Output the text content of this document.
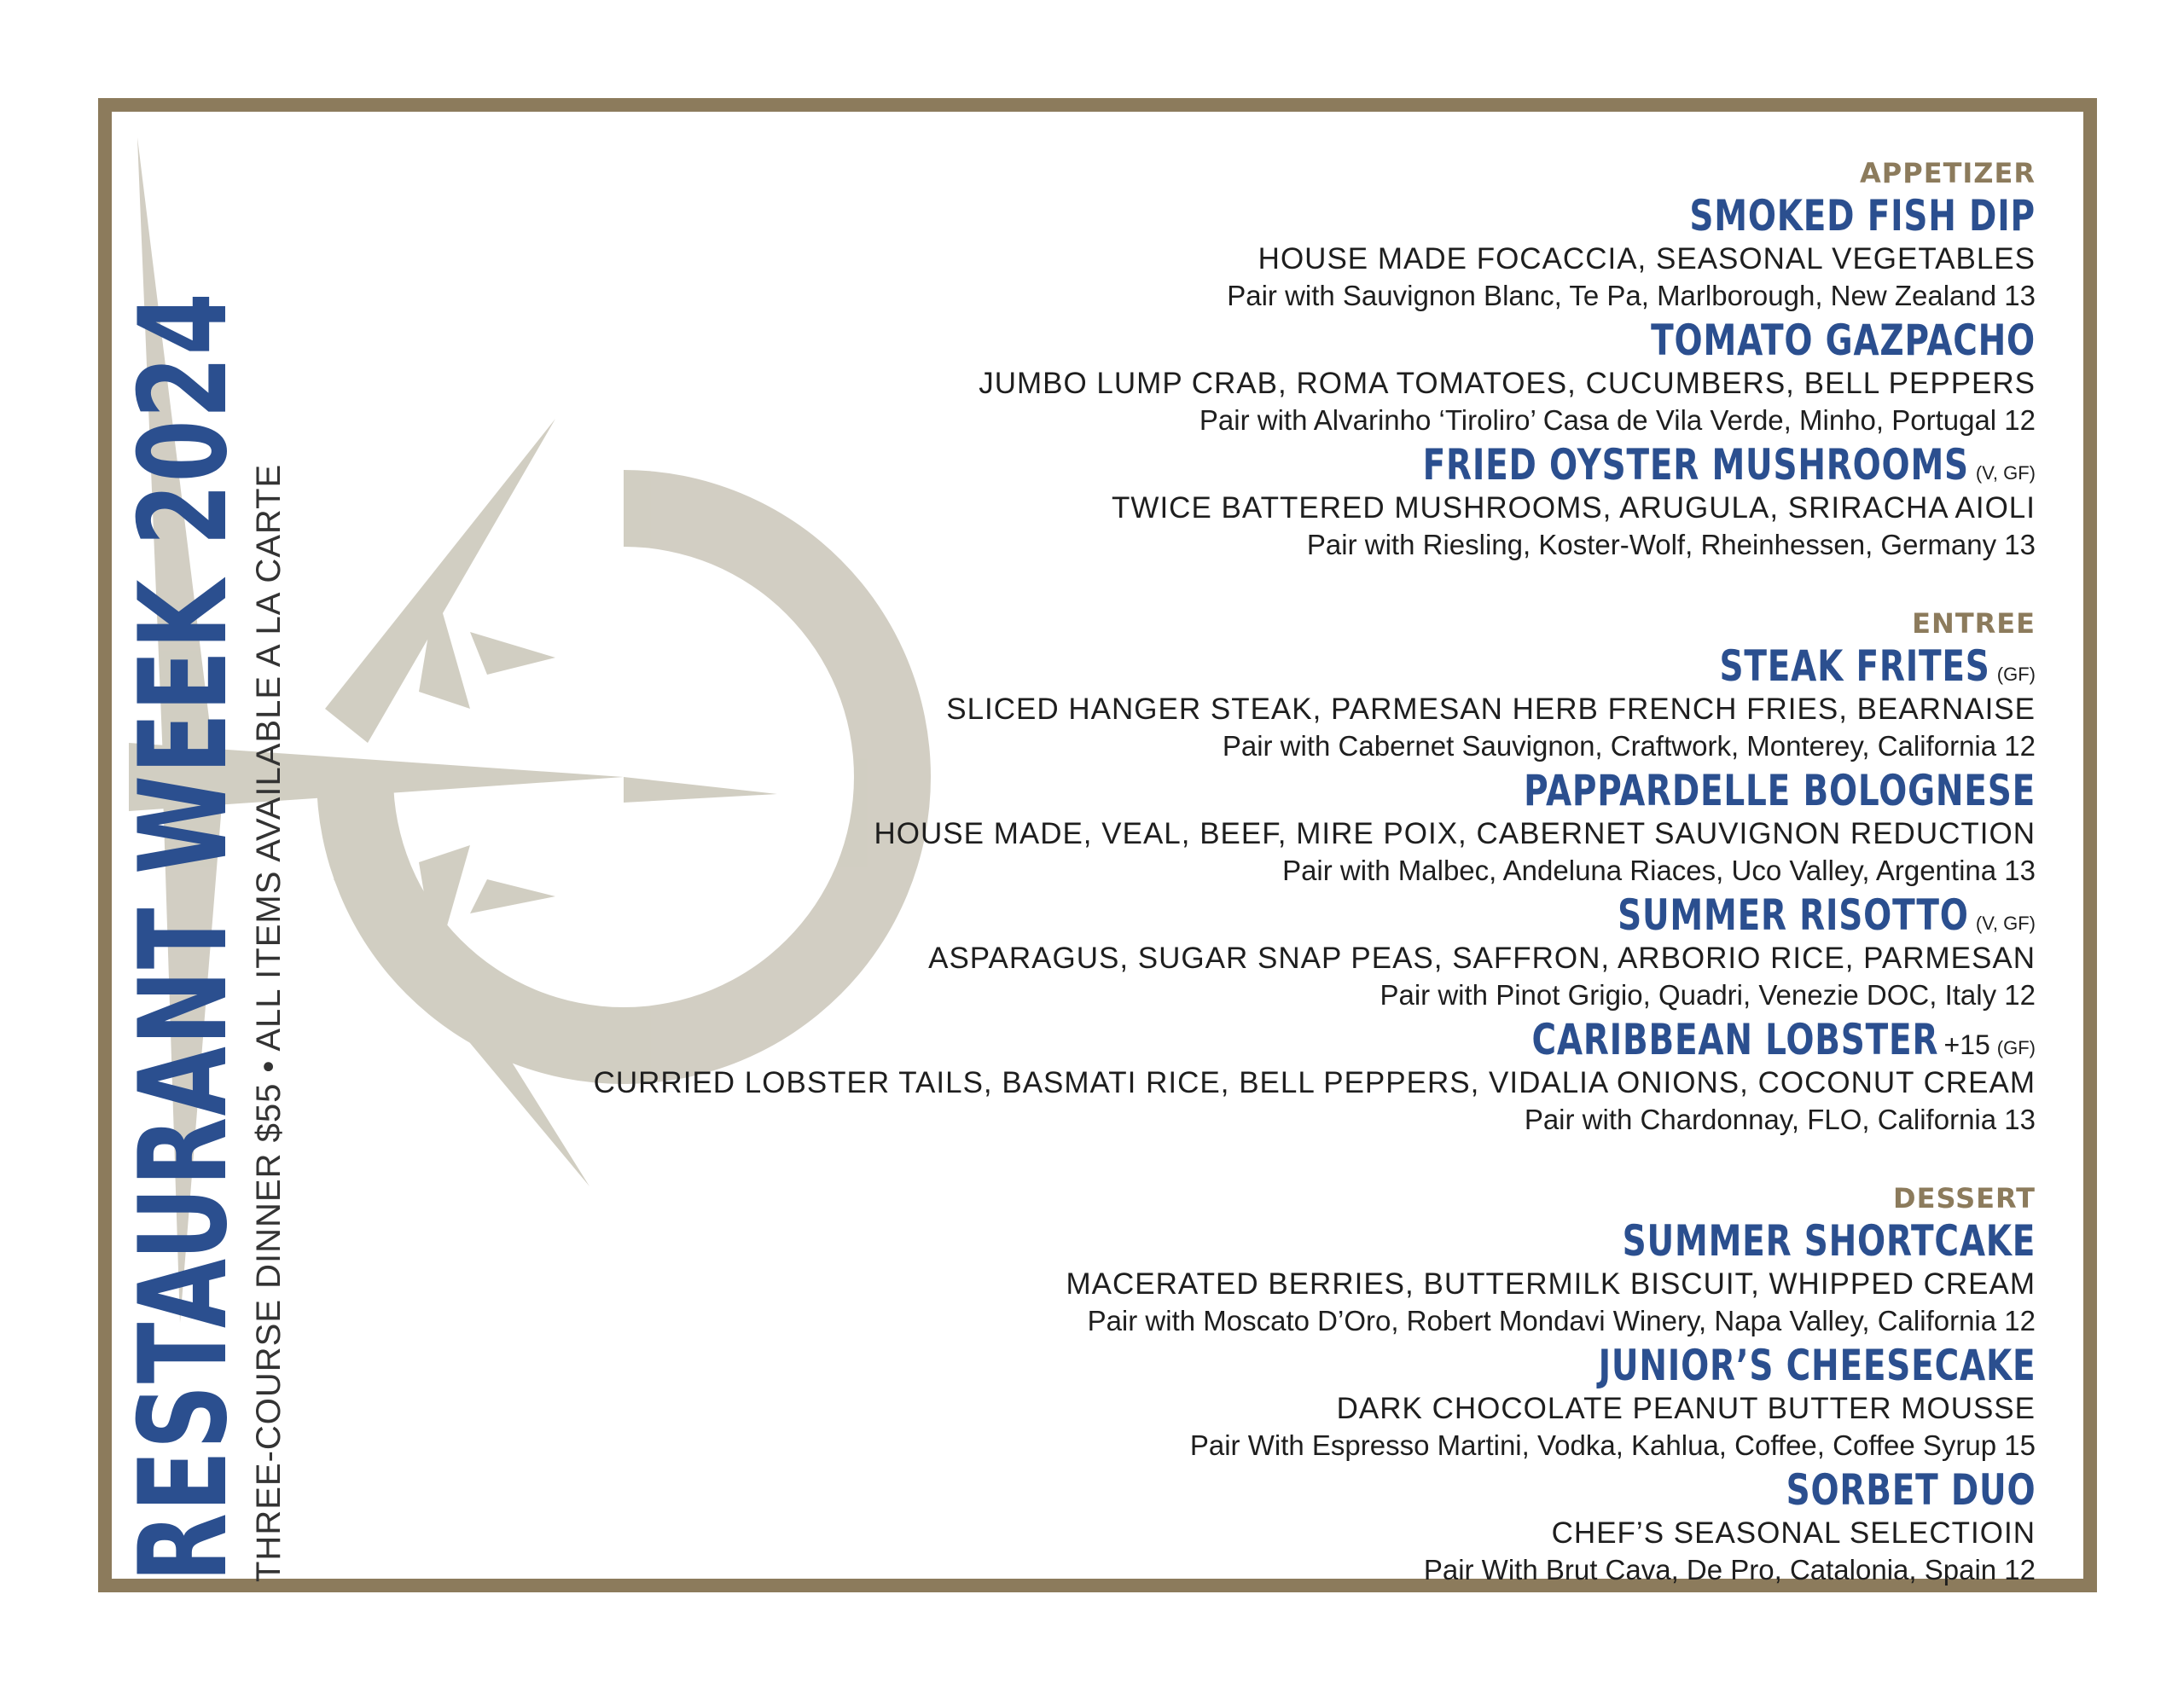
RESTAURANT WEEK 2024
THREE-COURSE DINNER $55 • ALL ITEMS AVAILABLE A LA CARTE
APPETIZER
SMOKED FISH DIP
HOUSE MADE FOCACCIA, SEASONAL VEGETABLES
Pair with Sauvignon Blanc, Te Pa, Marlborough, New Zealand 13
TOMATO GAZPACHO
JUMBO LUMP CRAB, ROMA TOMATOES, CUCUMBERS, BELL PEPPERS
Pair with Alvarinho ‘Tiroliro’ Casa de Vila Verde, Minho, Portugal 12
FRIED OYSTER MUSHROOMS (V, GF)
TWICE BATTERED MUSHROOMS, ARUGULA, SRIRACHA AIOLI
Pair with Riesling, Koster-Wolf, Rheinhessen, Germany 13
ENTREE
STEAK FRITES (GF)
SLICED HANGER STEAK, PARMESAN HERB FRENCH FRIES, BEARNAISE
Pair with Cabernet Sauvignon, Craftwork, Monterey, California 12
PAPPARDELLE BOLOGNESE
HOUSE MADE, VEAL, BEEF, MIRE POIX, CABERNET SAUVIGNON REDUCTION
Pair with Malbec, Andeluna Riaces, Uco Valley, Argentina 13
SUMMER RISOTTO (V, GF)
ASPARAGUS, SUGAR SNAP PEAS, SAFFRON, ARBORIO RICE, PARMESAN
Pair with Pinot Grigio, Quadri, Venezie DOC, Italy 12
CARIBBEAN LOBSTER +15 (GF)
CURRIED LOBSTER TAILS, BASMATI RICE, BELL PEPPERS, VIDALIA ONIONS, COCONUT CREAM
Pair with Chardonnay, FLO, California 13
DESSERT
SUMMER SHORTCAKE
MACERATED BERRIES, BUTTERMILK BISCUIT, WHIPPED CREAM
Pair with Moscato D’Oro, Robert Mondavi Winery, Napa Valley, California 12
JUNIOR’S CHEESECAKE
DARK CHOCOLATE PEANUT BUTTER MOUSSE
Pair With Espresso Martini, Vodka, Kahlua, Coffee, Coffee Syrup 15
SORBET DUO
CHEF’S SEASONAL SELECTIOIN
Pair With Brut Cava, De Pro, Catalonia, Spain 12
